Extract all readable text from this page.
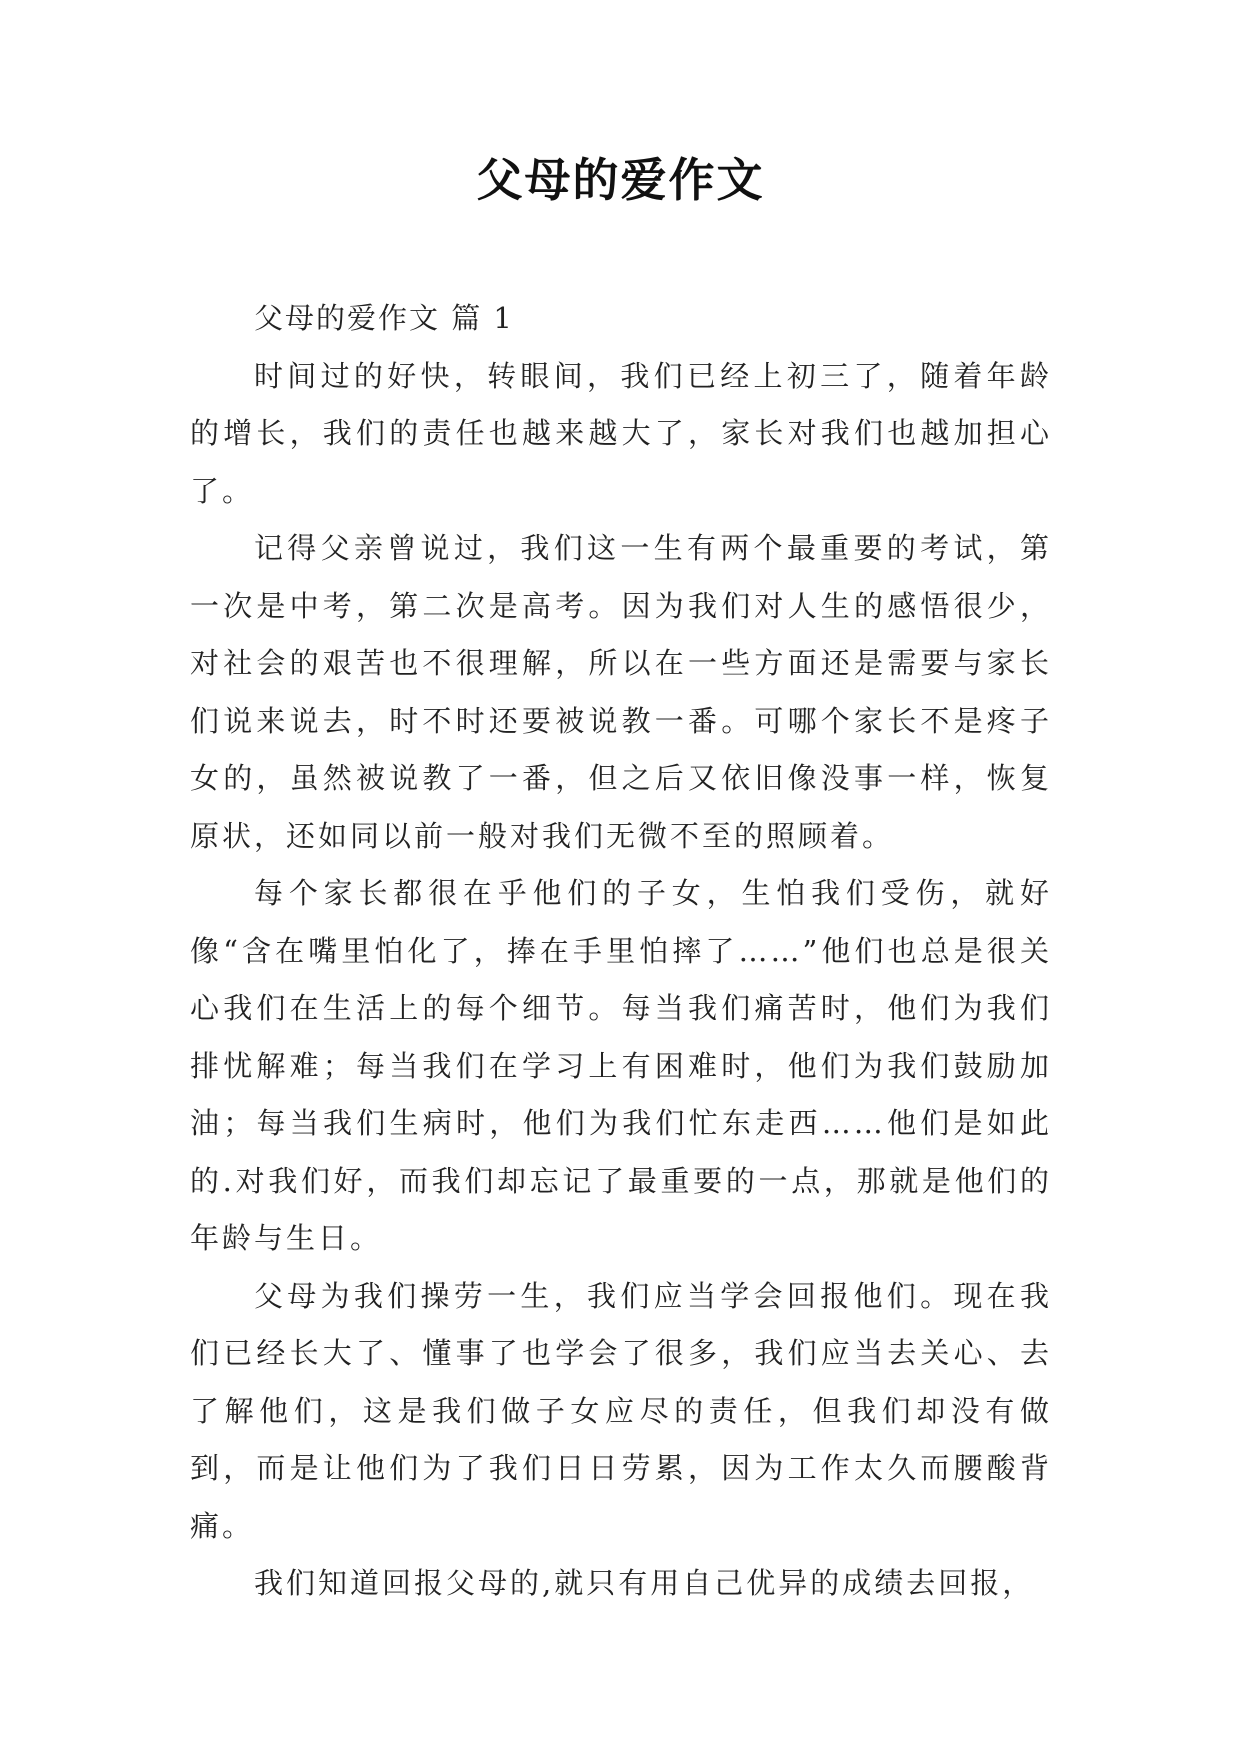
父母的爱作文

父母的爱作文 篇 1

时间过的好快，转眼间，我们已经上初三了，随着年龄的增长，我们的责任也越来越大了，家长对我们也越加担心了。

记得父亲曾说过，我们这一生有两个最重要的考试，第一次是中考，第二次是高考。因为我们对人生的感悟很少，对社会的艰苦也不很理解，所以在一些方面还是需要与家长们说来说去，时不时还要被说教一番。可哪个家长不是疼子女的，虽然被说教了一番，但之后又依旧像没事一样，恢复原状，还如同以前一般对我们无微不至的照顾着。

每个家长都很在乎他们的子女，生怕我们受伤，就好像“含在嘴里怕化了，捧在手里怕摔了……”他们也总是很关心我们在生活上的每个细节。每当我们痛苦时，他们为我们排忧解难；每当我们在学习上有困难时，他们为我们鼓励加油；每当我们生病时，他们为我们忙东走西……他们是如此的.对我们好，而我们却忘记了最重要的一点，那就是他们的年龄与生日。

父母为我们操劳一生，我们应当学会回报他们。现在我们已经长大了、懂事了也学会了很多，我们应当去关心、去了解他们，这是我们做子女应尽的责任，但我们却没有做到，而是让他们为了我们日日劳累，因为工作太久而腰酸背痛。

我们知道回报父母的,就只有用自己优异的成绩去回报，
